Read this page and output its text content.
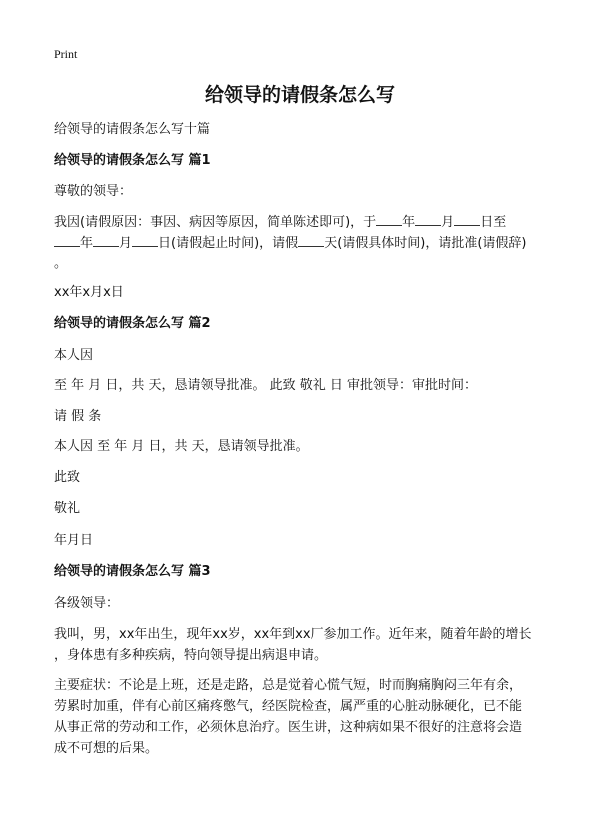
Print
给领导的请假条怎么写
给领导的请假条怎么写十篇
给领导的请假条怎么写 篇1
尊敬的领导：
我因(请假原因：事因、病因等原因，简单陈述即可)，于 年 月 日至
年 月 日(请假起止时间)，请假 天(请假具体时间)，请批准(请假辞)
。
xx年x月x日
给领导的请假条怎么写 篇2
本人因
至 年 月 日，共 天，恳请领导批准。 此致 敬礼 日 审批领导：审批时间：
请 假 条
本人因 至 年 月 日，共 天，恳请领导批准。
此致
敬礼
年月日
给领导的请假条怎么写 篇3
各级领导：
我叫，男，xx年出生，现年xx岁，xx年到xx厂参加工作。近年来，随着年龄的增长
，身体患有多种疾病，特向领导提出病退申请。
主要症状：不论是上班，还是走路，总是觉着心慌气短，时而胸痛胸闷三年有余，
劳累时加重，伴有心前区痛疼憋气，经医院检查，属严重的心脏动脉硬化，已不能
从事正常的劳动和工作，必须休息治疗。医生讲，这种病如果不很好的注意将会造
成不可想的后果。
